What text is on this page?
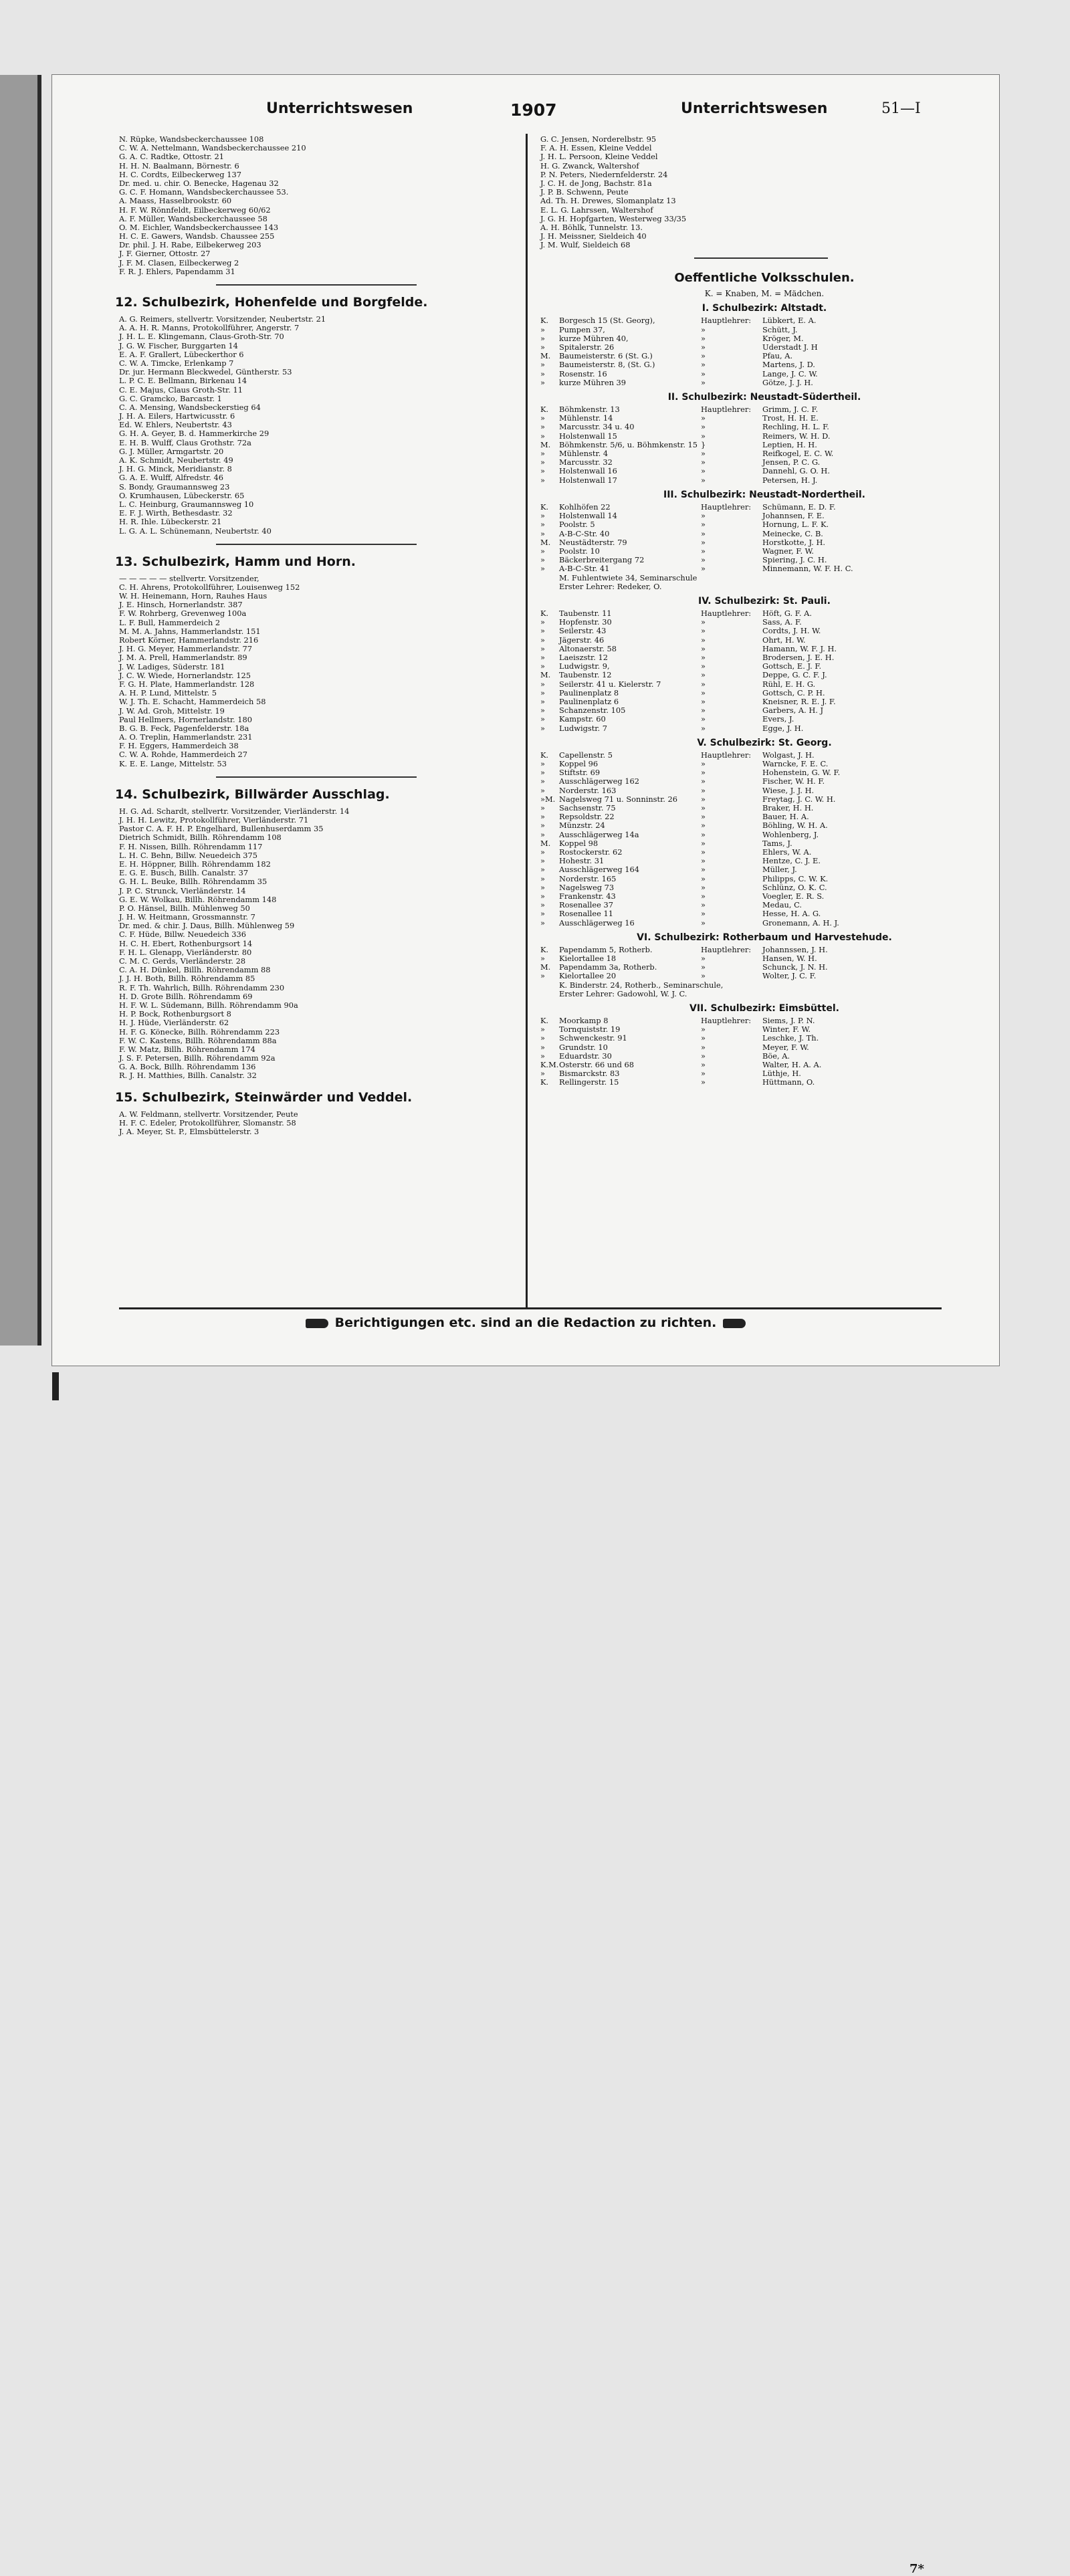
Unterrichtswesen	1907	Unterrichtswesen	51—I
N. Rüpke, Wandsbeckerchaussee 108
C. W. A. Nettelmann, Wandsbeckerchaussee 210
G. A. C. Radtke, Ottostr. 21
H. H. N. Baalmann, Börnestr. 6
H. C. Cordts, Eilbeckerweg 137
Dr. med. u. chir. O. Benecke, Hagenau 32
G. C. F. Homann, Wandsbeckerchaussee 53.
A. Maass, Hasselbrookstr. 60
H. F. W. Rönnfeldt, Eilbeckerweg 60/62
A. F. Müller, Wandsbeckerchaussee 58
O. M. Eichler, Wandsbeckerchaussee 143
H. C. E. Gawers, Wandsb. Chaussee 255
Dr. phil. J. H. Rabe, Eilbekerweg 203
J. F. Gierner, Ottostr. 27
J. F. M. Clasen, Eilbeckerweg 2
F. R. J. Ehlers, Papendamm 31
12. Schulbezirk, Hohenfelde und Borgfelde.
A. G. Reimers, stellvertr. Vorsitzender, Neubertstr. 21
A. A. H. R. Manns, Protokollführer, Angerstr. 7
J. H. L. E. Klingemann, Claus-Groth-Str. 70
J. G. W. Fischer, Burggarten 14
E. A. F. Grallert, Lübeckerthor 6
C. W. A. Timcke, Erlenkamp 7
Dr. jur. Hermann Bleckwedel, Güntherstr. 53
L. P. C. E. Bellmann, Birkenau 14
C. E. Majus, Claus Groth-Str. 11
G. C. Gramcko, Barcastr. 1
C. A. Mensing, Wandsbeckerstieg 64
J. H. A. Eilers, Hartwicusstr. 6
Ed. W. Ehlers, Neubertstr. 43
G. H. A. Geyer, B. d. Hammerkirche 29
E. H. B. Wulff, Claus Grothstr. 72a
G. J. Müller, Armgartstr. 20
A. K. Schmidt, Neubertstr. 49
J. H. G. Minck, Meridianstr. 8
G. A. E. Wulff, Alfredstr. 46
S. Bondy, Graumannsweg 23
O. Krumhausen, Lübeckerstr. 65
L. C. Heinburg, Graumannsweg 10
E. F. J. Wirth, Bethesdastr. 32
H. R. Ihle. Lübeckerstr. 21
L. G. A. L. Schünemann, Neubertstr. 40
13. Schulbezirk, Hamm und Horn.
— — — — — stellvertr. Vorsitzender,
C. H. Ahrens, Protokollführer, Louisenweg 152
W. H. Heinemann, Horn, Rauhes Haus
J. E. Hinsch, Hornerlandstr. 387
F. W. Rohrberg, Grevenweg 100a
L. F. Bull, Hammerdeich 2
M. M. A. Jahns, Hammerlandstr. 151
Robert Körner, Hammerlandstr. 216
J. H. G. Meyer, Hammerlandstr. 77
J. M. A. Prell, Hammerlandstr. 89
J. W. Ladiges, Süderstr. 181
J. C. W. Wiede, Hornerlandstr. 125
F. G. H. Plate, Hammerlandstr. 128
A. H. P. Lund, Mittelstr. 5
W. J. Th. E. Schacht, Hammerdeich 58
J. W. Ad. Groh, Mittelstr. 19
Paul Hellmers, Hornerlandstr. 180
B. G. B. Feck, Pagenfelderstr. 18a
A. O. Treplin, Hammerlandstr. 231
F. H. Eggers, Hammerdeich 38
C. W. A. Rohde, Hammerdeich 27
K. E. E. Lange, Mittelstr. 53
14. Schulbezirk, Billwärder Ausschlag.
H. G. Ad. Schardt, stellvertr. Vorsitzender, Vierländerstr. 14
J. H. H. Lewitz, Protokollführer, Vierländerstr. 71
Pastor C. A. F. H. P. Engelhard, Bullenhuserdamm 35
Dietrich Schmidt, Billh. Röhrendamm 108
F. H. Nissen, Billh. Röhrendamm 117
L. H. C. Behn, Billw. Neuedeich 375
E. H. Höppner, Billh. Röhrendamm 182
E. G. E. Busch, Billh. Canalstr. 37
G. H. L. Beuke, Billh. Röhrendamm 35
J. P. C. Strunck, Vierländerstr. 14
G. E. W. Wolkau, Billh. Röhrendamm 148
P. O. Hänsel, Billh. Mühlenweg 50
J. H. W. Heitmann, Grossmannstr. 7
Dr. med. & chir. J. Daus, Billh. Mühlenweg 59
C. F. Hüde, Billw. Neuedeich 336
H. C. H. Ebert, Rothenburgsort 14
F. H. L. Glenapp, Vierländerstr. 80
C. M. C. Gerds, Vierländerstr. 28
C. A. H. Dünkel, Billh. Röhrendamm 88
J. J. H. Both, Billh. Röhrendamm 85
R. F. Th. Wahrlich, Billh. Röhrendamm 230
H. D. Grote Billh. Röhrendamm 69
H. F. W. L. Südemann, Billh. Röhrendamm 90a
H. P. Bock, Rothenburgsort 8
H. J. Hüde, Vierländerstr. 62
H. F. G. Könecke, Billh. Röhrendamm 223
F. W. C. Kastens, Billh. Röhrendamm 88a
F. W. Matz, Billh. Röhrendamm 174
J. S. F. Petersen, Billh. Röhrendamm 92a
G. A. Bock, Billh. Röhrendamm 136
R. J. H. Matthies, Billh. Canalstr. 32
15. Schulbezirk, Steinwärder und Veddel.
A. W. Feldmann, stellvertr. Vorsitzender, Peute
H. F. C. Edeler, Protokollführer, Slomanstr. 58
J. A. Meyer, St. P., Elmsbüttelerstr. 3
G. C. Jensen, Norderelbstr. 95
F. A. H. Essen, Kleine Veddel
J. H. L. Persoon, Kleine Veddel
H. G. Zwanck, Waltershof
P. N. Peters, Niedernfelderstr. 24
J. C. H. de Jong, Bachstr. 81a
J. P. B. Schwenn, Peute
Ad. Th. H. Drewes, Slomanplatz 13
E. L. G. Lahrssen, Waltershof
J. G. H. Hopfgarten, Westerweg 33/35
A. H. Böhlk, Tunnelstr. 13.
J. H. Meissner, Sieldeich 40
J. M. Wulf, Sieldeich 68
Oeffentliche Volksschulen.
K. = Knaben, M. = Mädchen.
I. Schulbezirk: Altstadt.
K.	Borgesch 15 (St. Georg),	Hauptlehrer:	Lübkert, E. A.
»	Pumpen 37,	»	Schütt, J.
»	kurze Mühren 40,	»	Kröger, M.
»	Spitalerstr. 26	»	Uderstadt J. H
M.	Baumeisterstr. 6 (St. G.)	»	Pfau, A.
»	Baumeisterstr. 8, (St. G.)	»	Martens, J. D.
»	Rosenstr. 16	»	Lange, J. C. W.
»	kurze Mühren 39	»	Götze, J. J. H.
II. Schulbezirk: Neustadt-Südertheil.
K.	Böhmkenstr. 13	Hauptlehrer:	Grimm, J. C. F.
»	Mühlenstr. 14	»	Trost, H. H. E.
»	Marcusstr. 34 u. 40	»	Rechling, H. L. F.
»	Holstenwall 15	»	Reimers, W. H. D.
M.	Böhmkenstr. 5/6, u. Böhmkenstr. 15 }	Leptien, H. H.
»	Mühlenstr. 4	»	Reifkogel, E. C. W.
»	Marcusstr. 32	»	Jensen, P. C. G.
»	Holstenwall 16	»	Dannehl, G. O. H.
»	Holstenwall 17	»	Petersen, H. J.
III. Schulbezirk: Neustadt-Nordertheil.
K.	Kohlhöfen 22	Hauptlehrer:	Schümann, E. D. F.
»	Holstenwall 14	»	Johannsen, F. E.
»	Poolstr. 5	»	Hornung, L. F. K.
»	A-B-C-Str. 40	»	Meinecke, C. B.
M.	Neustädterstr. 79	»	Horstkotte, J. H.
»	Poolstr. 10	»	Wagner, F. W.
»	Bäckerbreitergang 72	»	Spiering, J. C. H.
»	A-B-C-Str. 41	»	Minnemann, W. F. H. C.
M. Fuhlentwiete 34, Seminarschule
Erster Lehrer: Redeker, O.
IV. Schulbezirk: St. Pauli.
K.	Taubenstr. 11	Hauptlehrer:	Höft, G. F. A.
»	Hopfenstr. 30	»	Sass, A. F.
»	Seilerstr. 43	»	Cordts, J. H. W.
»	Jägerstr. 46	»	Ohrt, H. W.
»	Altonaerstr. 58	»	Hamann, W. F. J. H.
»	Laeiszstr. 12	»	Brodersen, J. E. H.
»	Ludwigstr. 9,	»	Gottsch, E. J. F.
M.	Taubenstr. 12	»	Deppe, G. C. F. J.
»	Seilerstr. 41 u. Kielerstr. 7	»	Rühl, E. H. G.
»	Paulinenplatz 8	»	Gottsch, C. P. H.
»	Paulinenplatz 6	»	Kneisner, R. E. J. F.
»	Schanzenstr. 105	»	Garbers, A. H. J
»	Kampstr. 60	»	Evers, J.
»	Ludwigstr. 7	»	Egge, J. H.
V. Schulbezirk: St. Georg.
K.	Capellenstr. 5	Hauptlehrer:	Wolgast, J. H.
»	Koppel 96	»	Warncke, F. E. C.
»	Stiftstr. 69	»	Hohenstein, G. W. F.
»	Ausschlägerweg 162	»	Fischer, W. H. F.
»	Norderstr. 163	»	Wiese, J. J. H.
»M. Nagelsweg 71 u. Sonninstr. 26	»	Freytag, J. C. W. H.
»	Sachsenstr. 75	»	Braker, H. H.
»	Repsoldstr. 22	»	Bauer, H. A.
»	Münzstr. 24	»	Böhling, W. H. A.
»	Ausschlägerweg 14a	»	Wohlenberg, J.
M.	Koppel 98	»	Tams, J.
»	Rostockerstr. 62	»	Ehlers, W. A.
»	Hohestr. 31	»	Hentze, C. J. E.
»	Ausschlägerweg 164	»	Müller, J.
»	Norderstr. 165	»	Philipps, C. W. K.
»	Nagelsweg 73	»	Schlünz, O. K. C.
»	Frankenstr. 43	»	Voegler, E. R. S.
»	Rosenallee 37	»	Medau, C.
»	Rosenallee 11	»	Hesse, H. A. G.
»	Ausschlägerweg 16	»	Gronemann, A. H. J.
VI. Schulbezirk: Rotherbaum und Harvestehude.
K.	Papendamm 5, Rotherb.	Hauptlehrer:	Johannssen, J. H.
»	Kielortallee 18	»	Hansen, W. H.
M.	Papendamm 3a, Rotherb.	»	Schunck, J. N. H.
»	Kielortallee 20	»	Wolter, J. C. F.
K. Binderstr. 24, Rotherb., Seminarschule,
Erster Lehrer: Gadowohl, W. J. C.
VII. Schulbezirk: Eimsbüttel.
K.	Moorkamp 8	Hauptlehrer:	Siems, J. P. N.
»	Tornquiststr. 19	»	Winter, F. W.
»	Schwenckestr. 91	»	Leschke, J. Th.
»	Grundstr. 10	»	Meyer, F. W.
»	Eduardstr. 30	»	Böe, A.
K.M. Osterstr. 66 und 68	»	Walter, H. A. A.
»	Bismarckstr. 83	»	Lüthje, H.
K.	Rellingerstr. 15	»	Hüttmann, O.
Berichtigungen etc. sind an die Redaction zu richten.
7*
